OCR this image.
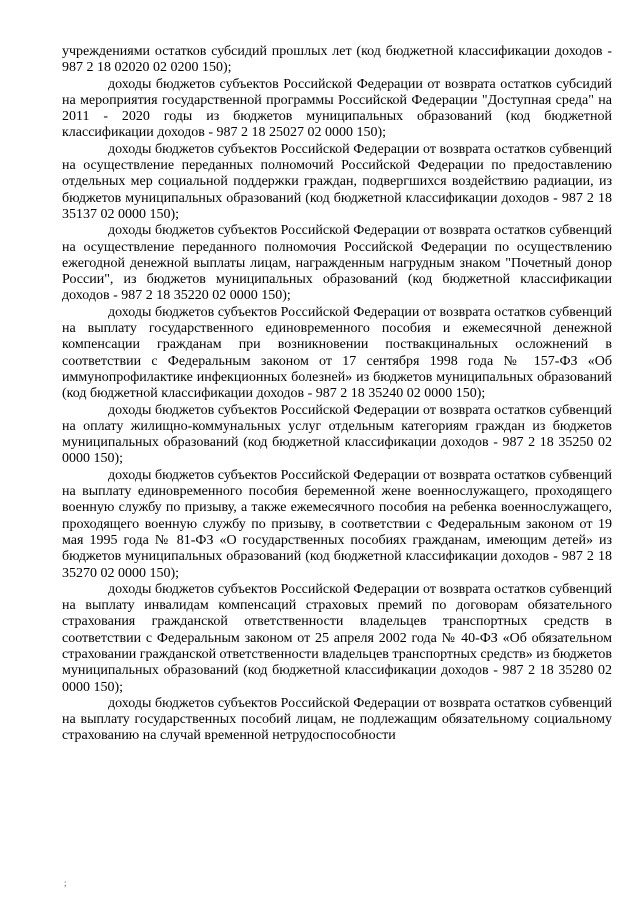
учреждениями остатков субсидий прошлых лет (код бюджетной классификации доходов - 987 2 18 02020 02 0200 150);

доходы бюджетов субъектов Российской Федерации от возврата остатков субсидий на мероприятия государственной программы Российской Федерации "Доступная среда" на 2011 - 2020 годы из бюджетов муниципальных образований (код бюджетной классификации доходов - 987 2 18 25027 02 0000 150);

доходы бюджетов субъектов Российской Федерации от возврата остатков субвенций на осуществление переданных полномочий Российской Федерации по предоставлению отдельных мер социальной поддержки граждан, подвергшихся воздействию радиации, из бюджетов муниципальных образований (код бюджетной классификации доходов - 987 2 18 35137 02 0000 150);

доходы бюджетов субъектов Российской Федерации от возврата остатков субвенций на осуществление переданного полномочия Российской Федерации по осуществлению ежегодной денежной выплаты лицам, награжденным нагрудным знаком "Почетный донор России", из бюджетов муниципальных образований (код бюджетной классификации доходов - 987 2 18 35220 02 0000 150);

доходы бюджетов субъектов Российской Федерации от возврата остатков субвенций на выплату государственного единовременного пособия и ежемесячной денежной компенсации гражданам при возникновении поствакцинальных осложнений в соответствии с Федеральным законом от 17 сентября 1998 года № 157-ФЗ «Об иммунопрофилактике инфекционных болезней» из бюджетов муниципальных образований (код бюджетной классификации доходов - 987 2 18 35240 02 0000 150);

доходы бюджетов субъектов Российской Федерации от возврата остатков субвенций на оплату жилищно-коммунальных услуг отдельным категориям граждан из бюджетов муниципальных образований (код бюджетной классификации доходов - 987 2 18 35250 02 0000 150);

доходы бюджетов субъектов Российской Федерации от возврата остатков субвенций на выплату единовременного пособия беременной жене военнослужащего, проходящего военную службу по призыву, а также ежемесячного пособия на ребенка военнослужащего, проходящего военную службу по призыву, в соответствии с Федеральным законом от 19 мая 1995 года № 81-ФЗ «О государственных пособиях гражданам, имеющим детей» из бюджетов муниципальных образований (код бюджетной классификации доходов - 987 2 18 35270 02 0000 150);

доходы бюджетов субъектов Российской Федерации от возврата остатков субвенций на выплату инвалидам компенсаций страховых премий по договорам обязательного страхования гражданской ответственности владельцев транспортных средств в соответствии с Федеральным законом от 25 апреля 2002 года № 40-ФЗ «Об обязательном страховании гражданской ответственности владельцев транспортных средств» из бюджетов муниципальных образований (код бюджетной классификации доходов - 987 2 18 35280 02 0000 150);

доходы бюджетов субъектов Российской Федерации от возврата остатков субвенций на выплату государственных пособий лицам, не подлежащим обязательному социальному страхованию на случай временной нетрудоспособности

;
